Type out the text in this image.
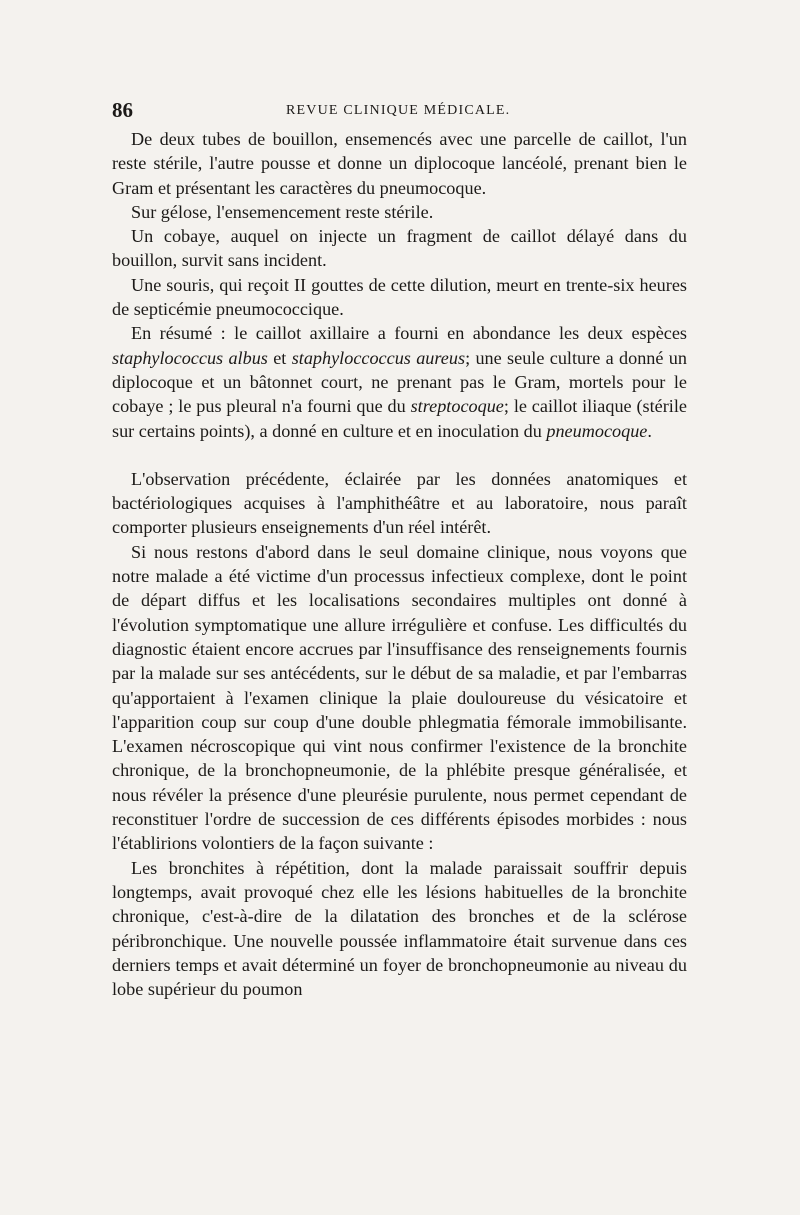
86	REVUE CLINIQUE MÉDICALE.

De deux tubes de bouillon, ensemencés avec une parcelle de caillot, l'un reste stérile, l'autre pousse et donne un diplocoque lancéolé, prenant bien le Gram et présentant les caractères du pneumocoque.

Sur gélose, l'ensemencement reste stérile.

Un cobaye, auquel on injecte un fragment de caillot délayé dans du bouillon, survit sans incident.

Une souris, qui reçoit II gouttes de cette dilution, meurt en trente-six heures de septicémie pneumococcique.

En résumé : le caillot axillaire a fourni en abondance les deux espèces staphylococcus albus et staphyloccoccus aureus; une seule culture a donné un diplocoque et un bâtonnet court, ne prenant pas le Gram, mortels pour le cobaye ; le pus pleural n'a fourni que du streptocoque; le caillot iliaque (stérile sur certains points), a donné en culture et en inoculation du pneumocoque.

L'observation précédente, éclairée par les données anatomiques et bactériologiques acquises à l'amphithéâtre et au laboratoire, nous paraît comporter plusieurs enseignements d'un réel intérêt.

Si nous restons d'abord dans le seul domaine clinique, nous voyons que notre malade a été victime d'un processus infectieux complexe, dont le point de départ diffus et les localisations secondaires multiples ont donné à l'évolution symptomatique une allure irrégulière et confuse. Les difficultés du diagnostic étaient encore accrues par l'insuffisance des renseignements fournis par la malade sur ses antécédents, sur le début de sa maladie, et par l'embarras qu'apportaient à l'examen clinique la plaie douloureuse du vésicatoire et l'apparition coup sur coup d'une double phlegmatia fémorale immobilisante. L'examen nécroscopique qui vint nous confirmer l'existence de la bronchite chronique, de la bronchopneumonie, de la phlébite presque généralisée, et nous révéler la présence d'une pleurésie purulente, nous permet cependant de reconstituer l'ordre de succession de ces différents épisodes morbides : nous l'établirions volontiers de la façon suivante :

Les bronchites à répétition, dont la malade paraissait souffrir depuis longtemps, avait provoqué chez elle les lésions habituelles de la bronchite chronique, c'est-à-dire de la dilatation des bronches et de la sclérose péribronchique. Une nouvelle poussée inflammatoire était survenue dans ces derniers temps et avait déterminé un foyer de bronchopneumonie au niveau du lobe supérieur du poumon
